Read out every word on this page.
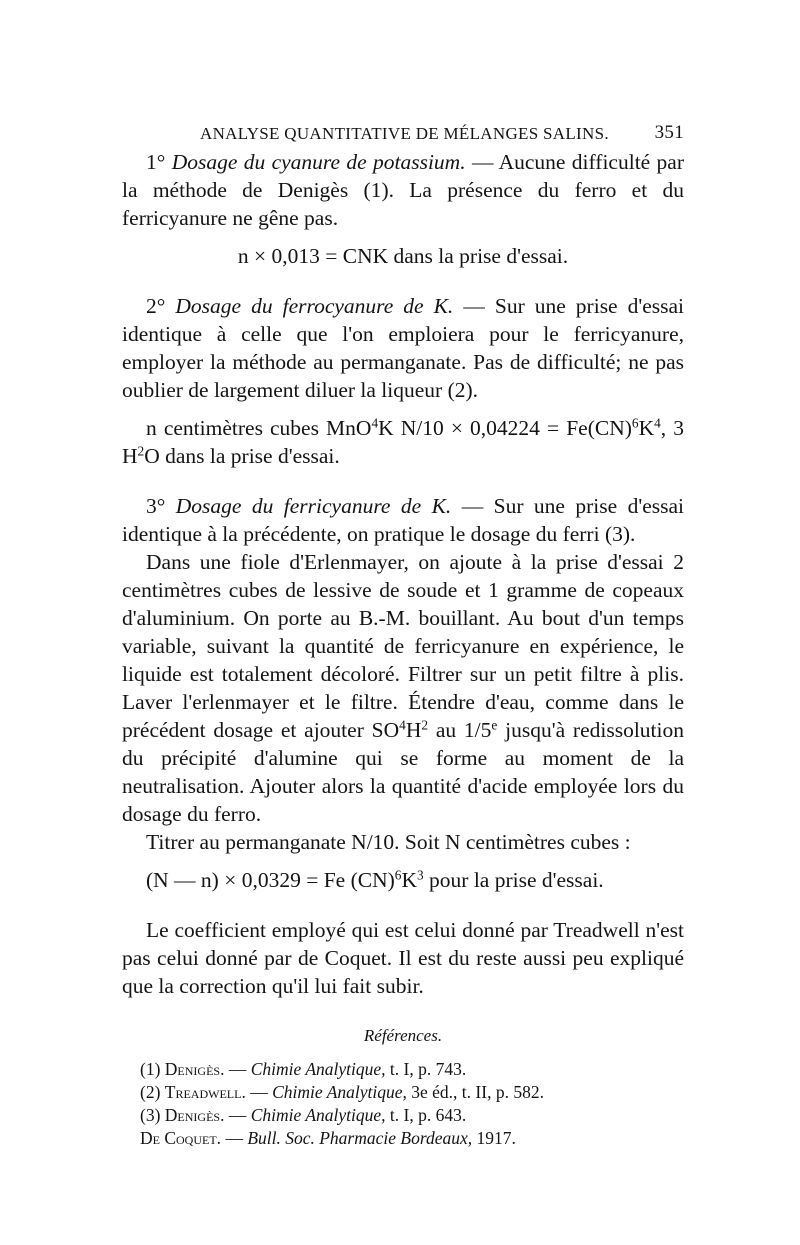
ANALYSE QUANTITATIVE DE MÉLANGES SALINS. 351

1° Dosage du cyanure de potassium. — Aucune difficulté par la méthode de Denigès (1). La présence du ferro et du ferricyanure ne gêne pas.

n × 0,013 = CNK dans la prise d'essai.

2° Dosage du ferrocyanure de K. — Sur une prise d'essai identique à celle que l'on emploiera pour le ferricyanure, employer la méthode au permanganate. Pas de difficulté; ne pas oublier de largement diluer la liqueur (2).

n centimètres cubes MnO$^4$K $N/10 \times 0,04224 = Fe(CN)^6K^4$, 3 $H^2O$ dans la prise d'essai.

3° Dosage du ferricyanure de K. — Sur une prise d'essai identique à la précédente, on pratique le dosage du ferri (3).

Dans une fiole d'Erlenmayer, on ajoute à la prise d'essai 2 centimètres cubes de lessive de soude et 1 gramme de copeaux d'aluminium. On porte au B.-M. bouillant. Au bout d'un temps variable, suivant la quantité de ferricyanure en expérience, le liquide est totalement décoloré. Filtrer sur un petit filtre à plis. Laver l'erlenmayer et le filtre. Étendre d'eau, comme dans le précédent dosage et ajouter $SO^4H^2$ au 1/5e jusqu'à redissolution du précipité d'alumine qui se forme au moment de la neutralisation. Ajouter alors la quantité d'acide employée lors du dosage du ferro.

Titrer au permanganate N/10. Soit N centimètres cubes :

(N — n) × 0,0329 = Fe $(CN)^6K^3$ pour la prise d'essai.

Le coefficient employé qui est celui donné par Treadwell n'est pas celui donné par de Coquet. Il est du reste aussi peu expliqué que la correction qu'il lui fait subir.

Références.
(1) Denigès. — Chimie Analytique, t. I, p. 743.
(2) Treadwell. — Chimie Analytique, 3e éd., t. II, p. 582.
(3) Denigès. — Chimie Analytique, t. I, p. 643.
De Coquet. — Bull. Soc. Pharmacie Bordeaux, 1917.
